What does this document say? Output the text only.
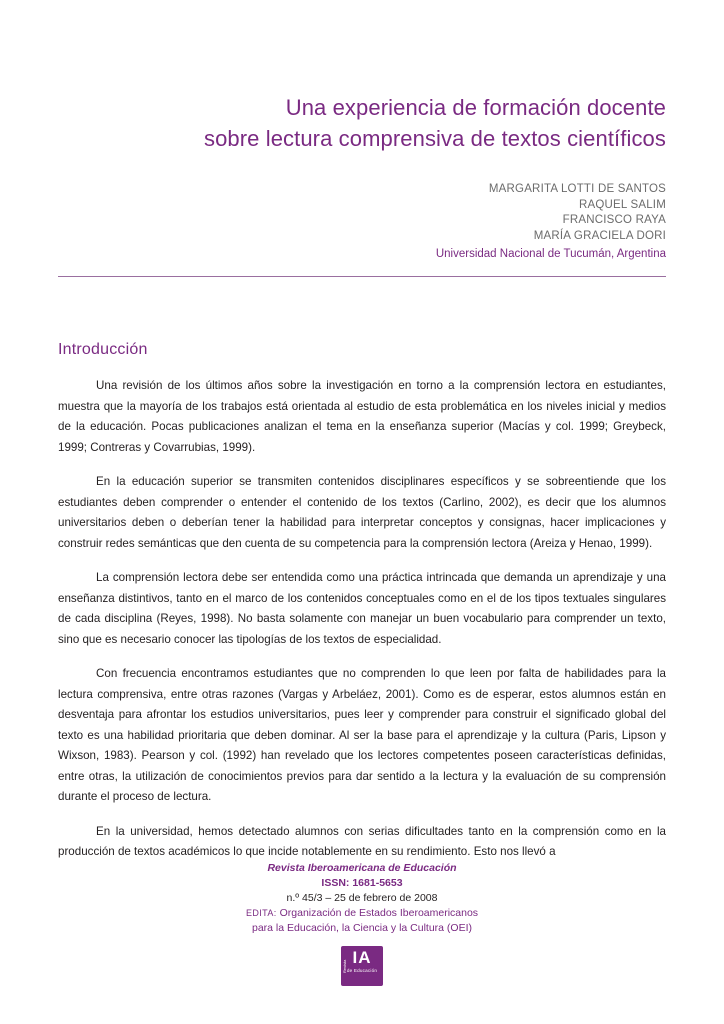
Una experiencia de formación docente
sobre lectura comprensiva de textos científicos
MARGARITA LOTTI DE SANTOS
RAQUEL SALIM
FRANCISCO RAYA
MARÍA GRACIELA DORI
Universidad Nacional de Tucumán, Argentina
Introducción

Una revisión de los últimos años sobre la investigación en torno a la comprensión lectora en estudiantes, muestra que la mayoría de los trabajos está orientada al estudio de esta problemática en los niveles inicial y medios de la educación. Pocas publicaciones analizan el tema en la enseñanza superior (Macías y col. 1999; Greybeck, 1999; Contreras y Covarrubias, 1999).

En la educación superior se transmiten contenidos disciplinares específicos y se sobreentiende que los estudiantes deben comprender o entender el contenido de los textos (Carlino, 2002), es decir que los alumnos universitarios deben o deberían tener la habilidad para interpretar conceptos y consignas, hacer implicaciones y construir redes semánticas que den cuenta de su competencia para la comprensión lectora (Areiza y Henao, 1999).

La comprensión lectora debe ser entendida como una práctica intrincada que demanda un aprendizaje y una enseñanza distintivos, tanto en el marco de los contenidos conceptuales como en el de los tipos textuales singulares de cada disciplina (Reyes, 1998). No basta solamente con manejar un buen vocabulario para comprender un texto, sino que es necesario conocer las tipologías de los textos de especialidad.

Con frecuencia encontramos estudiantes que no comprenden lo que leen por falta de habilidades para la lectura comprensiva, entre otras razones (Vargas y Arbeláez, 2001). Como es de esperar, estos alumnos están en desventaja para afrontar los estudios universitarios, pues leer y comprender para construir el significado global del texto es una habilidad prioritaria que deben dominar. Al ser la base para el aprendizaje y la cultura (Paris, Lipson y Wixson, 1983). Pearson y col. (1992) han revelado que los lectores competentes poseen características definidas, entre otras, la utilización de conocimientos previos para dar sentido a la lectura y la evaluación de su comprensión durante el proceso de lectura.

En la universidad, hemos detectado alumnos con serias dificultades tanto en la comprensión como en la producción de textos académicos lo que incide notablemente en su rendimiento. Esto nos llevó a

Revista Iberoamericana de Educación
ISSN: 1681-5653
n.º 45/3 – 25 de febrero de 2008
EDITA: Organización de Estados Iberoamericanos
para la Educación, la Ciencia y la Cultura (OEI)
Revista IA
de Educación
